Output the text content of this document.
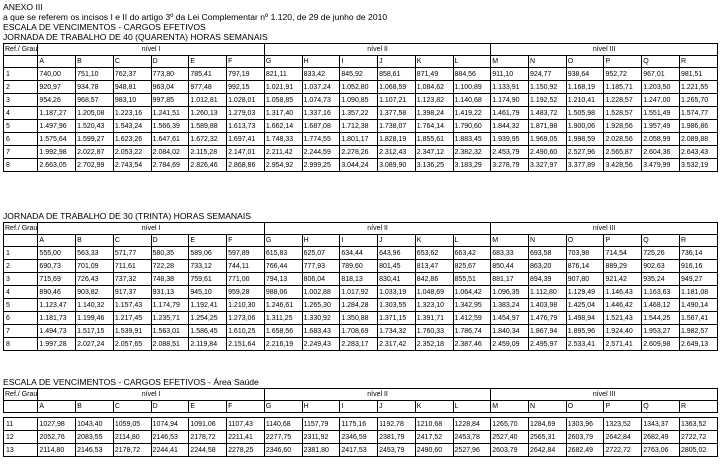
ANEXO III
a que se referem os incisos I e II do artigo 3º da Lei Complementar nº 1.120, de 29 de junho de 2010
ESCALA DE VENCIMENTOS - CARGOS EFETIVOS
JORNADA DE TRABALHO DE 40 (QUARENTA) HORAS SEMANAIS
Ref./ Grau	nível I						nível II						nível III					
	A	B	C	D	E	F	G	H	I	J	K	L	M	N	O	P	Q	R
1	740,00	751,10	762,37	773,80	785,41	797,19	821,11	833,42	845,92	858,61	871,49	884,56	911,10	924,77	938,64	952,72	967,01	981,51
2	920,97	934,78	948,81	963,04	977,48	992,15	1.021,91	1.037,24	1.052,80	1.068,59	1.084,62	1.100,89	1.133,91	1.150,92	1.168,19	1.185,71	1.203,50	1.221,55
3	954,26	968,57	983,10	997,85	1.012,81	1.028,01	1.058,85	1.074,73	1.090,85	1.107,21	1.123,82	1.140,68	1.174,90	1.192,52	1.210,41	1.228,57	1.247,00	1.265,70
4	1.187,27	1.205,08	1.223,16	1.241,51	1.260,13	1.279,03	1.317,40	1.337,16	1.357,22	1.377,58	1.398,24	1.419,22	1.461,79	1.483,72	1.505,98	1.528,57	1.551,49	1.574,77
5	1.497,96	1.520,43	1.543,24	1.566,39	1.589,88	1.613,73	1.662,14	1.687,08	1.712,38	1.738,07	1.764,14	1.790,60	1.844,32	1.871,98	1.900,06	1.928,56	1.957,49	1.986,86
6	1.575,64	1.599,27	1.623,26	1.647,61	1.672,32	1.697,41	1.748,33	1.774,55	1.801,17	1.828,19	1.855,61	1.883,45	1.939,95	1.969,05	1.998,59	2.028,56	2.058,99	2.089,88
7	1.992,98	2.022,87	2.053,22	2.084,02	2.115,28	2.147,01	2.211,42	2.244,59	2.278,26	2.312,43	2.347,12	2.382,32	2.453,79	2.490,60	2.527,96	2.565,87	2.604,36	2.643,43
8	2.663,05	2.702,99	2.743,54	2.784,69	2.826,46	2.868,86	2.954,92	2.999,25	3.044,24	3.089,90	3.136,25	3.183,29	3.278,79	3.327,97	3.377,89	3.428,56	3.479,99	3.532,19
JORNADA DE TRABALHO DE 30 (TRINTA) HORAS SEMANAIS
Ref./ Grau	nível I						nível II						nível III					
	A	B	C	D	E	F	G	H	I	J	K	L	M	N	O	P	Q	R
1	555,00	563,33	571,77	580,35	589,06	597,89	615,83	625,07	634,44	643,96	653,62	663,42	683,33	693,58	703,98	714,54	725,26	736,14
2	690,73	701,09	711,61	722,28	733,12	744,11	766,44	777,93	789,60	801,45	813,47	825,67	850,44	863,20	876,14	889,29	902,63	916,16
3	715,69	726,43	737,32	748,38	759,61	771,00	794,13	806,04	818,13	830,41	842,86	855,51	881,17	894,39	907,80	921,42	935,24	949,27
4	890,46	903,82	917,37	931,13	945,10	959,28	988,06	1.002,88	1.017,92	1.033,19	1.048,69	1.064,42	1.096,35	1.112,80	1.129,49	1.146,43	1.163,63	1.181,08
5	1.123,47	1.140,32	1.157,43	1.174,79	1.192,41	1.210,30	1.246,61	1.265,30	1.284,28	1.303,55	1.323,10	1.342,95	1.383,24	1.403,98	1.425,04	1.446,42	1.468,12	1.490,14
6	1.181,73	1.199,46	1.217,45	1.235,71	1.254,25	1.273,06	1.311,25	1.330,92	1.350,88	1.371,15	1.391,71	1.412,59	1.454,97	1.476,79	1.498,94	1.521,43	1.544,25	1.567,41
7	1.494,73	1.517,15	1.539,91	1.563,01	1.586,45	1.610,25	1.658,56	1.683,43	1.708,69	1.734,32	1.760,33	1.786,74	1.840,34	1.867,94	1.895,96	1.924,40	1.953,27	1.982,57
8	1.997,28	2.027,24	2.057,65	2.088,51	2.119,84	2.151,64	2.216,19	2.249,43	2.283,17	2.317,42	2.352,18	2.387,46	2.459,09	2.495,97	2.533,41	2.571,41	2.609,98	2.649,13
ESCALA DE VENCIMENTOS - CARGOS EFETIVOS - Área Saúde
Ref./ Grau	nível I						nível II						nível III					
	A	B	C	D	E	F	G	H	I	J	K	L	M	N	O	P	Q	R

11	1027,98	1043,40	1059,05	1074,94	1091,06	1107,43	1140,68	1157,79	1175,16	1192,78	1210,68	1228,84	1265,70	1284,69	1303,96	1323,52	1343,37	1363,52
12	2052,76	2083,55	2114,80	2146,53	2178,72	2211,41	2277,75	2311,92	2346,59	2381,79	2417,52	2453,78	2527,40	2565,31	2603,79	2642,84	2682,49	2722,72
13	2114,80	2146,53	2178,72	2244,41	2244,58	2278,25	2346,60	2381,80	2417,53	2453,79	2490,60	2527,96	2603,79	2642,84	2682,49	2722,72	2763,06	2805,02
